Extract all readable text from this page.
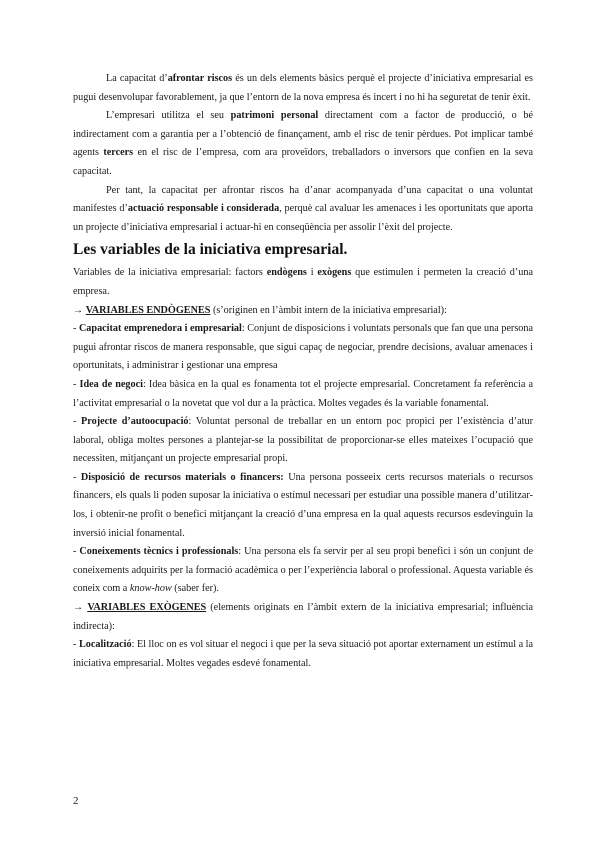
La capacitat d’afrontar riscos és un dels elements bàsics perquè el projecte d’iniciativa empresarial es pugui desenvolupar favorablement, ja que l’entorn de la nova empresa és incert i no hi ha seguretat de tenir èxit.

L’empresari utilitza el seu patrimoni personal directament com a factor de producció, o bé indirectament com a garantia per a l’obtenció de finançament, amb el risc de tenir pèrdues. Pot implicar també agents tercers en el risc de l’empresa, com ara proveïdors, treballadors o inversors que confien en la seva capacitat.

Per tant, la capacitat per afrontar riscos ha d’anar acompanyada d’una capacitat o una voluntat manifestes d’actuació responsable i considerada, perquè cal avaluar les amenaces i les oportunitats que aporta un projecte d’iniciativa empresarial i actuar-hi en conseqüència per assolir l’èxit del projecte.

Les variables de la iniciativa empresarial.

Variables de la iniciativa empresarial: factors endògens i exògens que estimulen i permeten la creació d’una empresa.

→ VARIABLES ENDÒGENES (s’originen en l’àmbit intern de la iniciativa empresarial):

- Capacitat emprenedora i empresarial: Conjunt de disposicions i voluntats personals que fan que una persona pugui afrontar riscos de manera responsable, que sigui capaç de negociar, prendre decisions, avaluar amenaces i oportunitats, i administrar i gestionar una empresa

- Idea de negoci: Idea bàsica en la qual es fonamenta tot el projecte empresarial. Concretament fa referència a l’activitat empresarial o la novetat que vol dur a la pràctica. Moltes vegades és la variable fonamental.

- Projecte d’autoocupació: Voluntat personal de treballar en un entorn poc propici per l’existència d’atur laboral, obliga moltes persones a plantejar-se la possibilitat de proporcionar-se elles mateixes l’ocupació que necessiten, mitjançant un projecte empresarial propi.

- Disposició de recursos materials o financers: Una persona posseeix certs recursos materials o recursos financers, els quals li poden suposar la iniciativa o estímul necessari per estudiar una possible manera d’utilitzar-los, i obtenir-ne profit o benefici mitjançant la creació d’una empresa en la qual aquests recursos esdevinguin la inversió inicial fonamental.

- Coneixements tècnics i professionals: Una persona els fa servir per al seu propi benefici i són un conjunt de coneixements adquirits per la formació acadèmica o per l’experiència laboral o professional. Aquesta variable és coneix com a know-how (saber fer).

→ VARIABLES EXÒGENES (elements originats en l’àmbit extern de la iniciativa empresarial; influència indirecta):

- Localització: El lloc on es vol situar el negoci i que per la seva situació pot aportar externament un estímul a la iniciativa empresarial. Moltes vegades esdevé fonamental.

2
